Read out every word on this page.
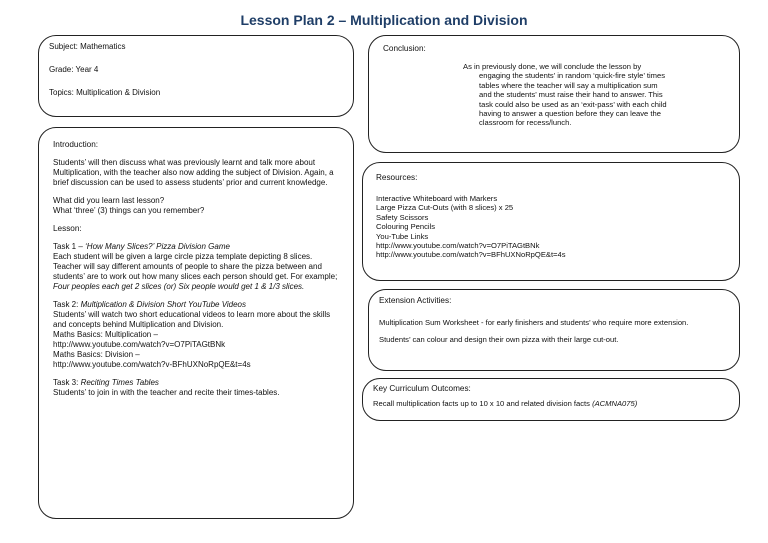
Lesson Plan 2 – Multiplication and Division

Subject: Mathematics

Grade: Year 4

Topics: Multiplication & Division

Introduction:

Students’ will then discuss what was previously learnt and talk more about Multiplication, with the teacher also now adding the subject of Division. Again, a brief discussion can be used to assess students’ prior and current knowledge.

What did you learn last lesson?

What ‘three’ (3) things can you remember?

Lesson:

Task 1 – ‘How Many Slices?’ Pizza Division Game

Each student will be given a large circle pizza template depicting 8 slices. Teacher will say different amounts of people to share the pizza between and students’ are to work out how many slices each person should get. For example; Four peoples each get 2 slices (or) Six people would get 1 & 1/3 slices.

Task 2: Multiplication & Division Short YouTube Videos

Students’ will watch two short educational videos to learn more about the skills and concepts behind Multiplication and Division.

Maths Basics: Multiplication –

http://www.youtube.com/watch?v=O7PiTAGtBNk

Maths Basics: Division –

http://www.youtube.com/watch?v-BFhUXNoRpQE&t=4s

Task 3: Reciting Times Tables

Students’ to join in with the teacher and recite their times-tables.

Conclusion:

As in previously done, we will conclude the lesson by

engaging the students’ in random ‘quick-fire style’ times

tables where the teacher will say a multiplication sum

and the students’ must raise their hand to answer. This

task could also be used as an ‘exit-pass’ with each child

having to answer a question before they can leave the

classroom for recess/lunch.

Resources:

Interactive Whiteboard with Markers

Large Pizza Cut-Outs (with 8 slices) x 25

Safety Scissors

Colouring Pencils

You-Tube Links

http://www.youtube.com/watch?v=O7PiTAGtBNk

http://www.youtube.com/watch?v=BFhUXNoRpQE&t=4s

Extension Activities:

Multiplication Sum Worksheet - for early finishers and students’ who require more extension.

Students’ can colour and design their own pizza with their large cut-out.

Key Curriculum Outcomes:

Recall multiplication facts up to 10 x 10 and related division facts (ACMNA075)
